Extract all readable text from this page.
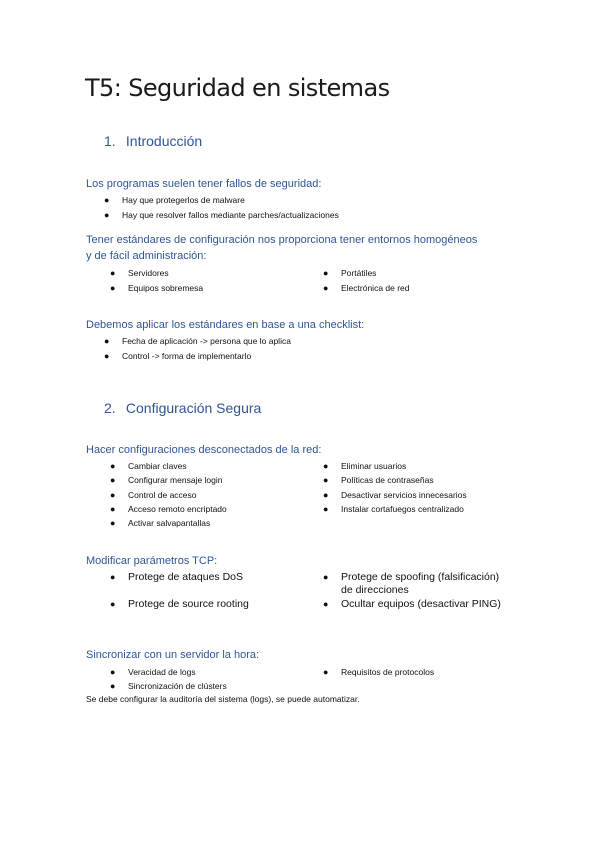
T5: Seguridad en sistemas
1. Introducción

Los programas suelen tener fallos de seguridad:

● Hay que protegerlos de malware
● Hay que resolver fallos mediante parches/actualizaciones

Tener estándares de configuración nos proporciona tener entornos homogéneos
y de fácil administración:

● Servidores
● Equipos sobremesa
● Portátiles
● Electrónica de red

Debemos aplicar los estándares en base a una checklist:

● Fecha de aplicación -> persona que lo aplica
● Control -> forma de implementarlo
2. Configuración Segura

Hacer configuraciones desconectados de la red:

● Cambiar claves
● Configurar mensaje login
● Control de acceso
● Acceso remoto encriptado
● Activar salvapantallas
● Eliminar usuarios
● Políticas de contraseñas
● Desactivar servicios innecesarios
● Instalar cortafuegos centralizado

Modificar parámetros TCP:

● Protege de ataques DoS
● Protege de source rooting
● Protege de spoofing (falsificación) de direcciones
● Ocultar equipos (desactivar PING)

Sincronizar con un servidor la hora:

● Veracidad de logs
● Sincronización de clústers
● Requisitos de protocolos

Se debe configurar la auditoría del sistema (logs), se puede automatizar.
